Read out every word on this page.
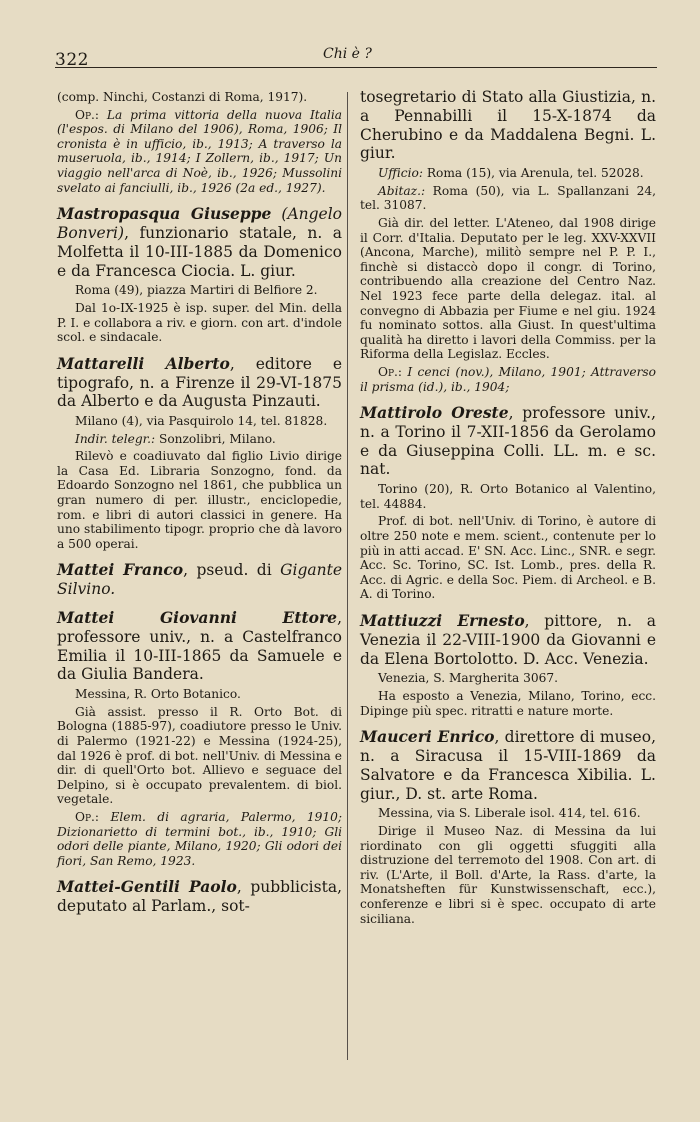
322	Chi è ?

(comp. Ninchi, Costanzi di Roma, 1917).

Op.: La prima vittoria della nuova Italia (l'espos. di Milano del 1906), Roma, 1906; Il cronista è in ufficio, ib., 1913; A traverso la museruola, ib., 1914; I Zollern, ib., 1917; Un viaggio nell'arca di Noè, ib., 1926; Mussolini svelato ai fanciulli, ib., 1926 (2a ed., 1927).

Mastropasqua Giuseppe (Angelo Bonveri), funzionario statale, n. a Molfetta il 10-III-1885 da Domenico e da Francesca Ciocia. L. giur.

Roma (49), piazza Martiri di Belfiore 2.

Dal 1o-IX-1925 è isp. super. del Min. della P. I. e collabora a riv. e giorn. con art. d'indole scol. e sindacale.

Mattarelli Alberto, editore e tipografo, n. a Firenze il 29-VI-1875 da Alberto e da Augusta Pinzauti.

Milano (4), via Pasquirolo 14, tel. 81828.

Indir. telegr.: Sonzolibri, Milano.

Rilevò e coadiuvato dal figlio Livio dirige la Casa Ed. Libraria Sonzogno, fond. da Edoardo Sonzogno nel 1861, che pubblica un gran numero di per. illustr., enciclopedie, rom. e libri di autori classici in genere. Ha uno stabilimento tipogr. proprio che dà lavoro a 500 operai.

Mattei Franco, pseud. di Gigante Silvino.

Mattei Giovanni Ettore, professore univ., n. a Castelfranco Emilia il 10-III-1865 da Samuele e da Giulia Bandera.

Messina, R. Orto Botanico.

Già assist. presso il R. Orto Bot. di Bologna (1885-97), coadiutore presso le Univ. di Palermo (1921-22) e Messina (1924-25), dal 1926 è prof. di bot. nell'Univ. di Messina e dir. di quell'Orto bot. Allievo e seguace del Delpino, si è occupato prevalentem. di biol. vegetale.

Op.: Elem. di agraria, Palermo, 1910; Dizionarietto di termini bot., ib., 1910; Gli odori delle piante, Milano, 1920; Gli odori dei fiori, San Remo, 1923.

Mattei-Gentili Paolo, pubblicista, deputato al Parlam., sot-

tosegretario di Stato alla Giustizia, n. a Pennabilli il 15-X-1874 da Cherubino e da Maddalena Begni. L. giur.

Ufficio: Roma (15), via Arenula, tel. 52028.

Abitaz.: Roma (50), via L. Spallanzani 24, tel. 31087.

Già dir. del letter. L'Ateneo, dal 1908 dirige il Corr. d'Italia. Deputato per le leg. XXV-XXVII (Ancona, Marche), militò sempre nel P. P. I., finchè si distaccò dopo il congr. di Torino, contribuendo alla creazione del Centro Naz. Nel 1923 fece parte della delegaz. ital. al convegno di Abbazia per Fiume e nel giu. 1924 fu nominato sottos. alla Giust. In quest'ultima qualità ha diretto i lavori della Commiss. per la Riforma della Legislaz. Eccles.

Op.: I cenci (nov.), Milano, 1901; Attraverso il prisma (id.), ib., 1904;

Mattirolo Oreste, professore univ., n. a Torino il 7-XII-1856 da Gerolamo e da Giuseppina Colli. LL. m. e sc. nat.

Torino (20), R. Orto Botanico al Valentino, tel. 44884.

Prof. di bot. nell'Univ. di Torino, è autore di oltre 250 note e mem. scient., contenute per lo più in atti accad. E' SN. Acc. Linc., SNR. e segr. Acc. Sc. Torino, SC. Ist. Lomb., pres. della R. Acc. di Agric. e della Soc. Piem. di Archeol. e B. A. di Torino.

Mattiuzzi Ernesto, pittore, n. a Venezia il 22-VIII-1900 da Giovanni e da Elena Bortolotto. D. Acc. Venezia.

Venezia, S. Margherita 3067.

Ha esposto a Venezia, Milano, Torino, ecc. Dipinge più spec. ritratti e nature morte.

Mauceri Enrico, direttore di museo, n. a Siracusa il 15-VIII-1869 da Salvatore e da Francesca Xibilia. L. giur., D. st. arte Roma.

Messina, via S. Liberale isol. 414, tel. 616.

Dirige il Museo Naz. di Messina da lui riordinato con gli oggetti sfuggiti alla distruzione del terremoto del 1908. Con art. di riv. (L'Arte, il Boll. d'Arte, la Rass. d'arte, la Monatsheften für Kunstwissenschaft, ecc.), conferenze e libri si è spec. occupato di arte siciliana.
